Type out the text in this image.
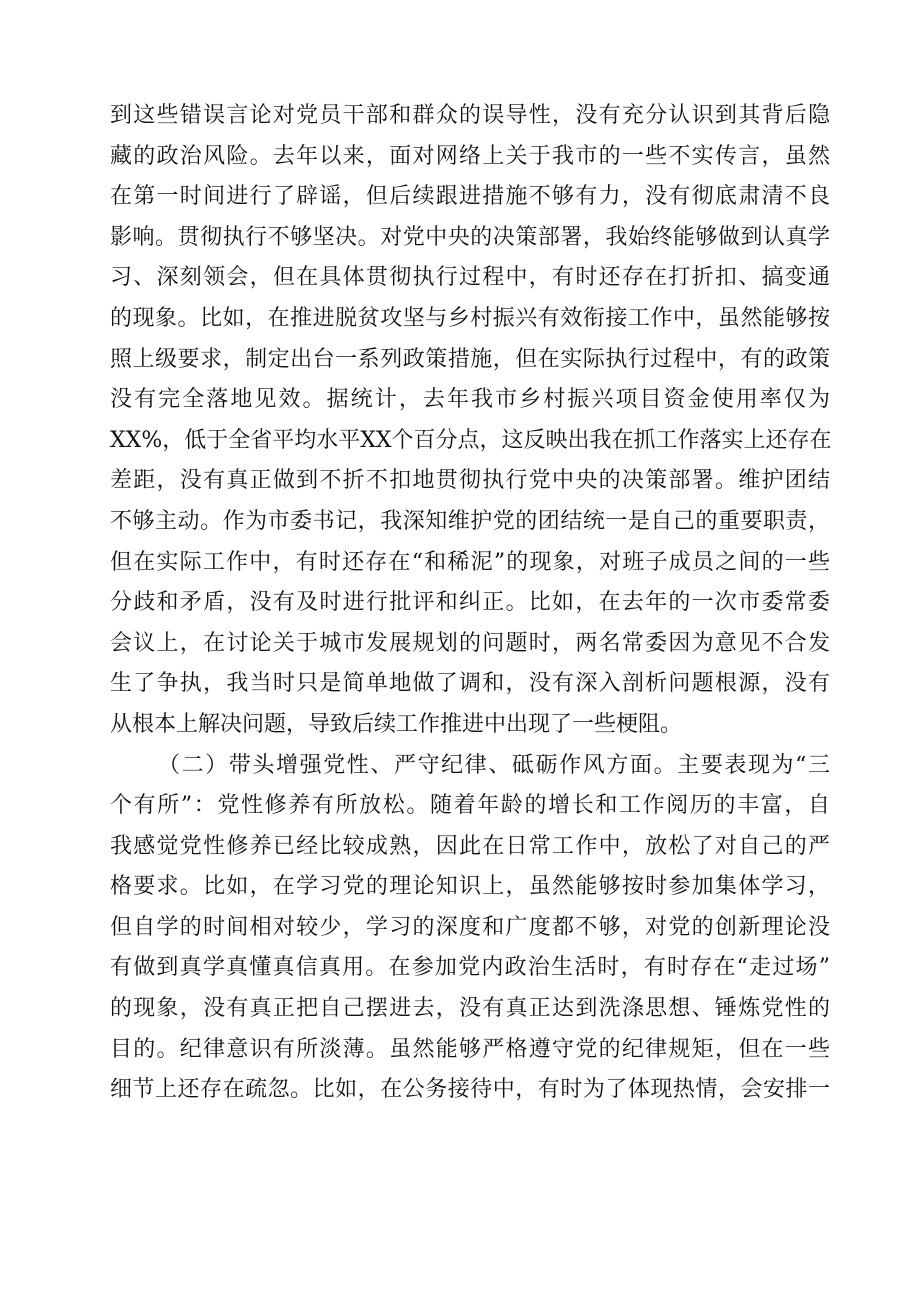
到这些错误言论对党员干部和群众的误导性，没有充分认识到其背后隐
藏的政治风险。去年以来，面对网络上关于我市的一些不实传言，虽然
在第一时间进行了辟谣，但后续跟进措施不够有力，没有彻底肃清不良
影响。贯彻执行不够坚决。对党中央的决策部署，我始终能够做到认真学
习、深刻领会，但在具体贯彻执行过程中，有时还存在打折扣、搞变通
的现象。比如，在推进脱贫攻坚与乡村振兴有效衔接工作中，虽然能够按
照上级要求，制定出台一系列政策措施，但在实际执行过程中，有的政策
没有完全落地见效。据统计，去年我市乡村振兴项目资金使用率仅为
XX%，低于全省平均水平XX个百分点，这反映出我在抓工作落实上还存在
差距，没有真正做到不折不扣地贯彻执行党中央的决策部署。维护团结
不够主动。作为市委书记，我深知维护党的团结统一是自己的重要职责，
但在实际工作中，有时还存在“和稀泥”的现象，对班子成员之间的一些
分歧和矛盾，没有及时进行批评和纠正。比如，在去年的一次市委常委
会议上，在讨论关于城市发展规划的问题时，两名常委因为意见不合发
生了争执，我当时只是简单地做了调和，没有深入剖析问题根源，没有
从根本上解决问题，导致后续工作推进中出现了一些梗阻。
（二）带头增强党性、严守纪律、砥砺作风方面。主要表现为“三
个有所”：党性修养有所放松。随着年龄的增长和工作阅历的丰富，自
我感觉党性修养已经比较成熟，因此在日常工作中，放松了对自己的严
格要求。比如，在学习党的理论知识上，虽然能够按时参加集体学习，
但自学的时间相对较少，学习的深度和广度都不够，对党的创新理论没
有做到真学真懂真信真用。在参加党内政治生活时，有时存在“走过场”
的现象，没有真正把自己摆进去，没有真正达到洗涤思想、锤炼党性的
目的。纪律意识有所淡薄。虽然能够严格遵守党的纪律规矩，但在一些
细节上还存在疏忽。比如，在公务接待中，有时为了体现热情，会安排一
